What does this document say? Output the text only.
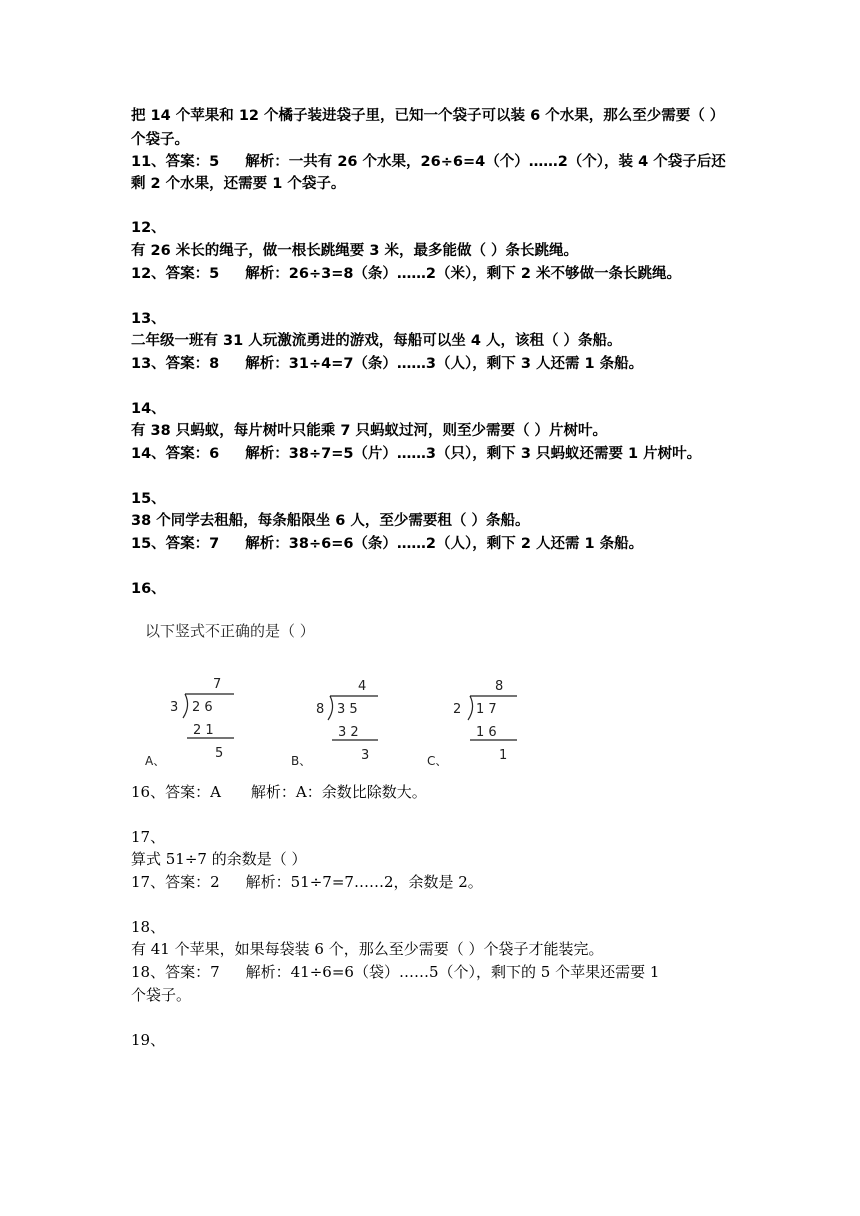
把 14 个苹果和 12 个橘子装进袋子里，已知一个袋子可以装 6 个水果，那么至少需要（ ）
个袋子。
11、答案：5 解析：一共有 26 个水果，26÷6=4（个）……2（个），装 4 个袋子后还
剩 2 个水果，还需要 1 个袋子。
12、
有 26 米长的绳子，做一根长跳绳要 3 米，最多能做（ ）条长跳绳。
12、答案：5 解析：26÷3=8（条）……2（米），剩下 2 米不够做一条长跳绳。
13、
二年级一班有 31 人玩激流勇进的游戏，每船可以坐 4 人，该租（ ）条船。
13、答案：8 解析：31÷4=7（条）……3（人），剩下 3 人还需 1 条船。
14、
有 38 只蚂蚁，每片树叶只能乘 7 只蚂蚁过河，则至少需要（ ）片树叶。
14、答案：6 解析：38÷7=5（片）……3（只），剩下 3 只蚂蚁还需要 1 片树叶。
15、
38 个同学去租船，每条船限坐 6 人，至少需要租（ ）条船。
15、答案：7 解析：38÷6=6（条）……2（人），剩下 2 人还需 1 条船。
16、
以下竖式不正确的是（ ）
7
3 2 6
2 1
5
A、
4
8 3 5
3 2
3
B、
8
2 1 7
1 6
1
C、
16、答案：A 解析：A：余数比除数大。
17、
算式 51÷7 的余数是（ ）
17、答案：2 解析：51÷7=7……2，余数是 2。
18、
有 41 个苹果，如果每袋装 6 个，那么至少需要（ ）个袋子才能装完。
18、答案：7 解析：41÷6=6（袋）……5（个），剩下的 5 个苹果还需要 1
个袋子。
19、
